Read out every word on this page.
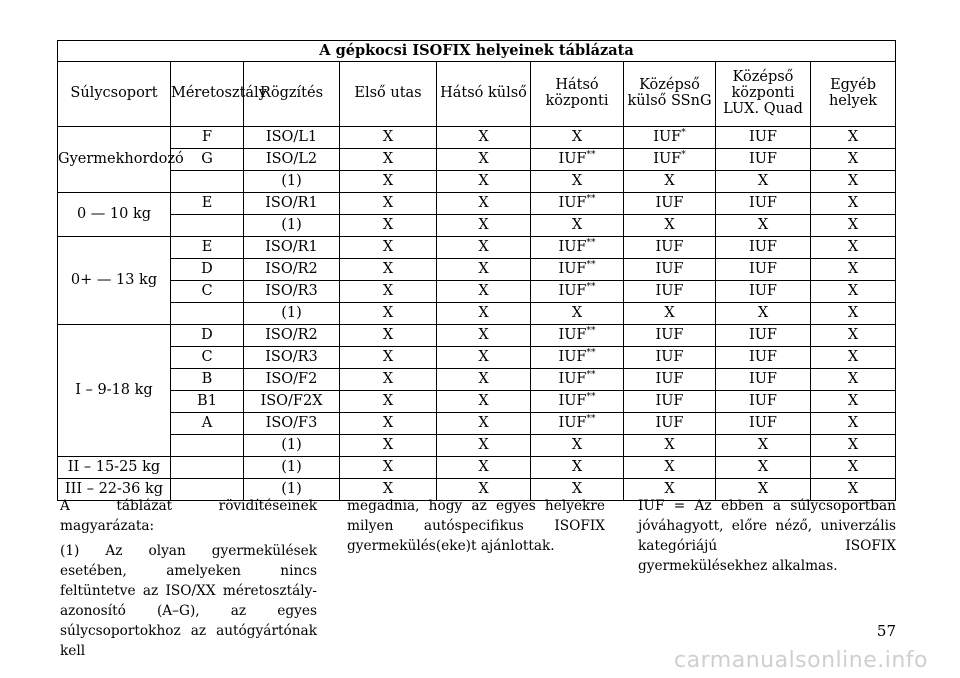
A gépkocsi ISOFIX helyeinek táblázata								
Súlycsoport	Méretosztály	Rögzítés	Első utas	Hátsó külső	Hátsó központi	Középső külső SSnG	Középső központi LUX. Quad	Egyéb helyek
Gyermekhordozó	F	ISO/L1	X	X	X	IUF*	IUF	X
	G	ISO/L2	X	X	IUF**	IUF*	IUF	X
		(1)	X	X	X	X	X	X
0 — 10 kg	E	ISO/R1	X	X	IUF**	IUF	IUF	X
		(1)	X	X	X	X	X	X
0+ — 13 kg	E	ISO/R1	X	X	IUF**	IUF	IUF	X
	D	ISO/R2	X	X	IUF**	IUF	IUF	X
	C	ISO/R3	X	X	IUF**	IUF	IUF	X
		(1)	X	X	X	X	X	X
I – 9-18 kg	D	ISO/R2	X	X	IUF**	IUF	IUF	X
	C	ISO/R3	X	X	IUF**	IUF	IUF	X
	B	ISO/F2	X	X	IUF**	IUF	IUF	X
	B1	ISO/F2X	X	X	IUF**	IUF	IUF	X
	A	ISO/F3	X	X	IUF**	IUF	IUF	X
		(1)	X	X	X	X	X	X
II – 15-25 kg		(1)	X	X	X	X	X	X
III – 22-36 kg		(1)	X	X	X	X	X	X

A táblázat rövidítéseinek magyarázata:

(1) Az olyan gyermekülések esetében, amelyeken nincs feltüntetve az ISO/XX méretosztály-azonosító (A–G), az egyes súlycsoportokhoz az autógyártónak kell

megadnia, hogy az egyes helyekre milyen autóspecifikus ISOFIX gyermekülés(eke)t ajánlottak.

IUF = Az ebben a súlycsoportban jóváhagyott, előre néző, univerzális kategóriájú ISOFIX gyermekülésekhez alkalmas.

57
carmanualsonline.info
